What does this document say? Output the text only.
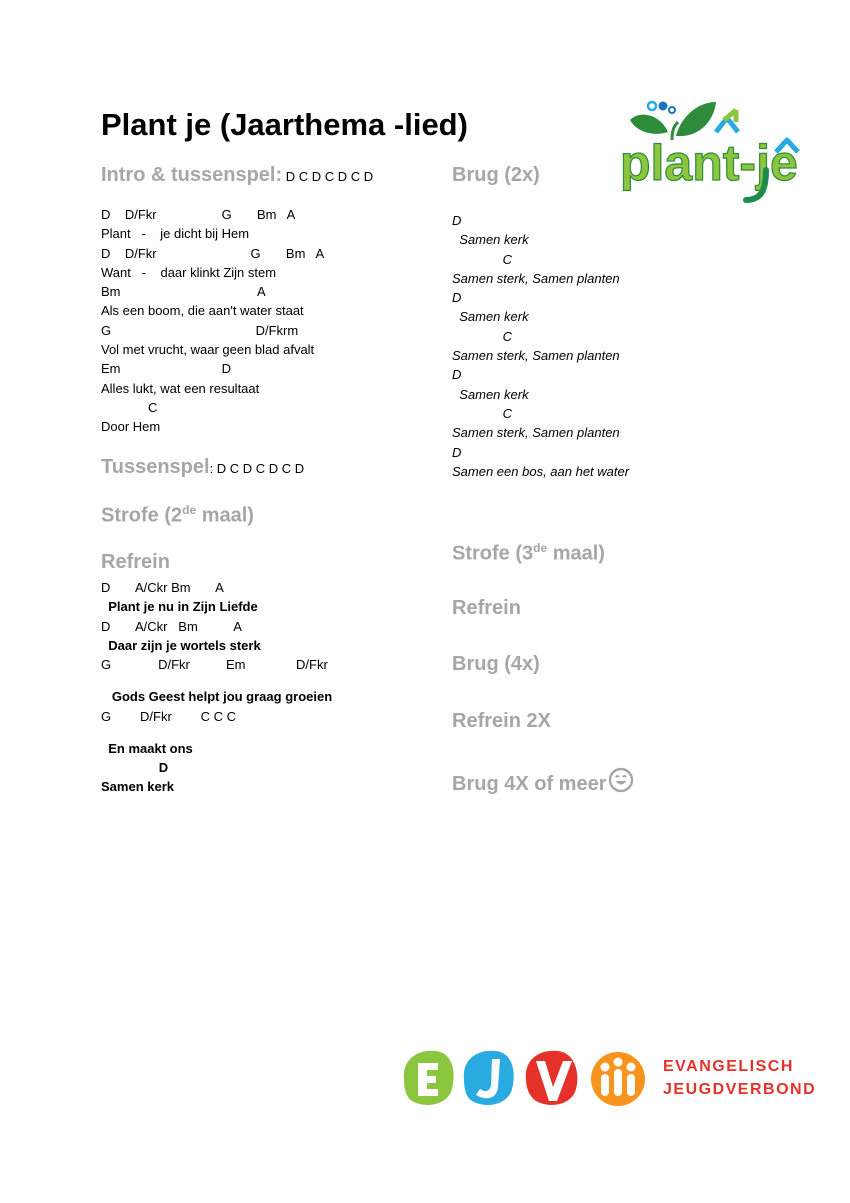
Plant je (Jaarthema -lied)
plant-je
Intro & tussenspel: D C D C D C D
D    D/Fkr                  G       Bm   A
Plant   -    je dicht bij Hem
D    D/Fkr                          G       Bm   A
Want   -    daar klinkt Zijn stem
Bm                                      A
Als een boom, die aan't water staat
G                                        D/Fkrm
Vol met vrucht, waar geen blad afvalt
Em                            D
Alles lukt, wat een resultaat
C
Door Hem
Tussenspel: D C D C D C D
Strofe (2de maal)
Refrein
D       A/Ckr Bm       A
Plant je nu in Zijn Liefde
D       A/Ckr   Bm          A
Daar zijn je wortels sterk
G             D/Fkr          Em              D/Fkr
Gods Geest helpt jou graag groeien
G        D/Fkr        C C C
En maakt ons
D
Samen kerk
Brug (2x)
D
Samen kerk
C
Samen sterk, Samen planten
D
Samen kerk
C
Samen sterk, Samen planten
D
Samen kerk
C
Samen sterk, Samen planten
D
Samen een bos, aan het water
Strofe (3de maal)
Refrein
Brug (4x)
Refrein 2X
Brug 4X of meer
EVANGELISCH
JEUGDVERBOND
